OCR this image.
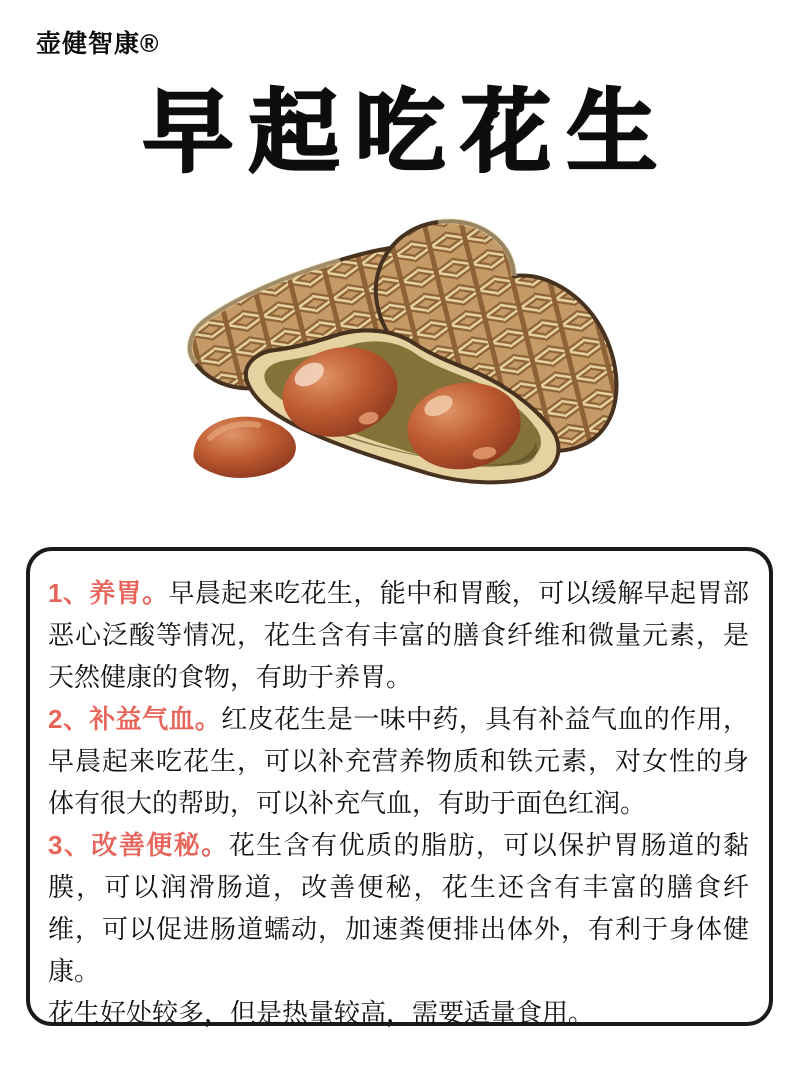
壶健智康®
早起吃花生

1、养胃。早晨起来吃花生，能中和胃酸，可以缓解早起胃部恶心泛酸等情况，花生含有丰富的膳食纤维和微量元素，是天然健康的食物，有助于养胃。

2、补益气血。红皮花生是一味中药，具有补益气血的作用，早晨起来吃花生，可以补充营养物质和铁元素，对女性的身体有很大的帮助，可以补充气血，有助于面色红润。

3、改善便秘。花生含有优质的脂肪，可以保护胃肠道的黏膜，可以润滑肠道，改善便秘，花生还含有丰富的膳食纤维，可以促进肠道蠕动，加速粪便排出体外，有利于身体健康。

花生好处较多，但是热量较高，需要适量食用。
